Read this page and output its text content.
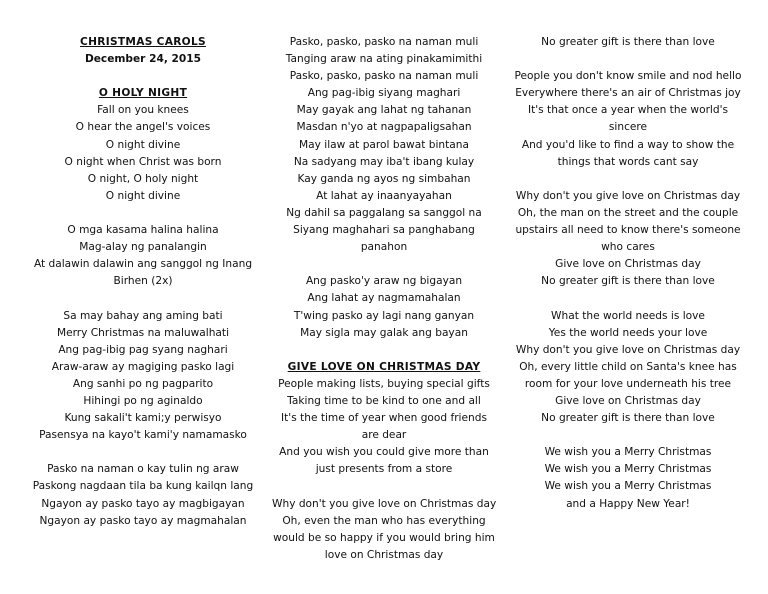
CHRISTMAS CAROLS
December 24, 2015
O HOLY NIGHT
Fall on you knees
O hear the angel's voices
O night divine
O night when Christ was born
O night, O holy night
O night divine
O mga kasama halina halina
Mag-alay ng panalangin
At dalawin dalawin ang sanggol ng Inang Birhen (2x)
Sa may bahay ang aming bati
Merry Christmas na maluwalhati
Ang pag-ibig pag syang naghari
Araw-araw ay magiging pasko lagi
Ang sanhi po ng pagparito
Hihingi po ng aginaldo
Kung sakali't kami;y perwisyo
Pasensya na kayo't kami'y namamasko
Pasko na naman o kay tulin ng araw
Paskong nagdaan tila ba kung kailqn lang
Ngayon ay pasko tayo ay magbigayan
Ngayon ay pasko tayo ay magmahalan
Pasko, pasko, pasko na naman muli
Tanging araw na ating pinakamimithi
Pasko, pasko, pasko na naman muli
Ang pag-ibig siyang maghari
May gayak ang lahat ng tahanan
Masdan n'yo at nagpapaligsahan
May ilaw at parol bawat bintana
Na sadyang may iba't ibang kulay
Kay ganda ng ayos ng simbahan
At lahat ay inaanyayahan
Ng dahil sa paggalang sa sanggol na Siyang maghahari sa panghabang panahon
Ang pasko'y araw ng bigayan
Ang lahat ay nagmamahalan
T'wing pasko ay lagi nang ganyan
May sigla may galak ang bayan
GIVE LOVE ON CHRISTMAS DAY
People making lists, buying special gifts
Taking time to be kind to one and all
It's the time of year when good friends are dear
And you wish you could give more than just presents from a store
Why don't you give love on Christmas day
Oh, even the man who has everything would be so happy if you would bring him love on Christmas day
No greater gift is there than love
People you don't know smile and nod hello
Everywhere there's an air of Christmas joy
It's that once a year when the world's sincere
And you'd like to find a way to show the things that words cant say
Why don't you give love on Christmas day
Oh, the man on the street and the couple upstairs all need to know there's someone who cares
Give love on Christmas day
No greater gift is there than love
What the world needs is love
Yes the world needs your love
Why don't you give love on Christmas day
Oh, every little child on Santa's knee has room for your love underneath his tree
Give love on Christmas day
No greater gift is there than love
We wish you a Merry Christmas
We wish you a Merry Christmas
We wish you a Merry Christmas
and a Happy New Year!
